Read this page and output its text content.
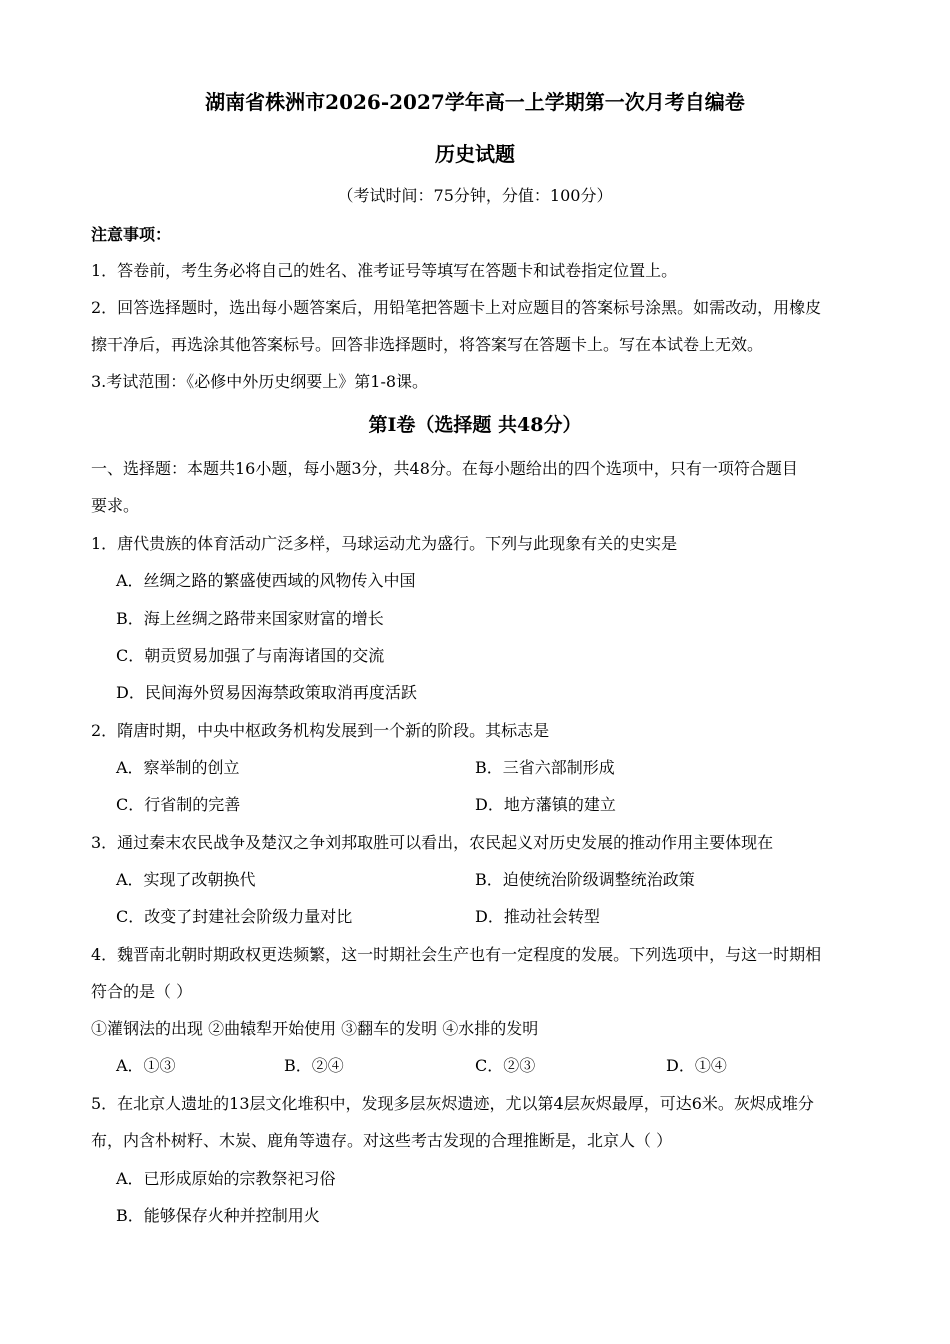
湖南省株洲市2026-2027学年高一上学期第一次月考自编卷
历史试题
（考试时间：75分钟，分值：100分）
注意事项：
1．答卷前，考生务必将自己的姓名、准考证号等填写在答题卡和试卷指定位置上。
2．回答选择题时，选出每小题答案后，用铅笔把答题卡上对应题目的答案标号涂黑。如需改动，用橡皮
擦干净后，再选涂其他答案标号。回答非选择题时，将答案写在答题卡上。写在本试卷上无效。
3.考试范围：《必修中外历史纲要上》第1-8课。
第Ⅰ卷（选择题 共48分）
一、选择题：本题共16小题，每小题3分，共48分。在每小题给出的四个选项中，只有一项符合题目
要求。
1．唐代贵族的体育活动广泛多样，马球运动尤为盛行。下列与此现象有关的史实是
A．丝绸之路的繁盛使西域的风物传入中国
B．海上丝绸之路带来国家财富的增长
C．朝贡贸易加强了与南海诸国的交流
D．民间海外贸易因海禁政策取消再度活跃
2．隋唐时期，中央中枢政务机构发展到一个新的阶段。其标志是
A．察举制的创立	B．三省六部制形成
C．行省制的完善	D．地方藩镇的建立
3．通过秦末农民战争及楚汉之争刘邦取胜可以看出，农民起义对历史发展的推动作用主要体现在
A．实现了改朝换代	B．迫使统治阶级调整统治政策
C．改变了封建社会阶级力量对比	D．推动社会转型
4．魏晋南北朝时期政权更迭频繁，这一时期社会生产也有一定程度的发展。下列选项中，与这一时期相
符合的是（ ）
①灌钢法的出现 ②曲辕犁开始使用 ③翻车的发明 ④水排的发明
A．①③	B．②④	C．②③	D．①④
5．在北京人遗址的13层文化堆积中，发现多层灰烬遗迹，尤以第4层灰烬最厚，可达6米。灰烬成堆分
布，内含朴树籽、木炭、鹿角等遗存。对这些考古发现的合理推断是，北京人（ ）
A．已形成原始的宗教祭祀习俗
B．能够保存火种并控制用火
